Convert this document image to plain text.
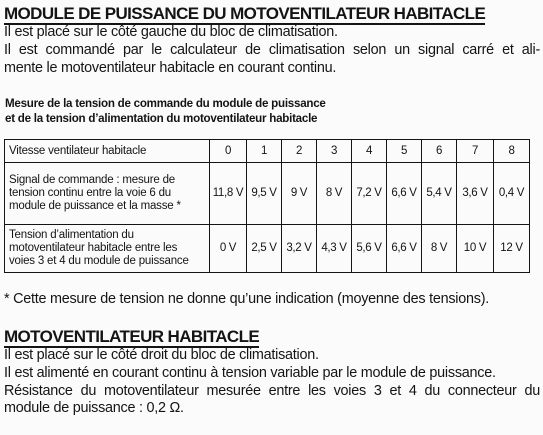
MODULE DE PUISSANCE DU MOTOVENTILATEUR HABITACLE
Il est placé sur le côté gauche du bloc de climatisation.
Il est commandé par le calculateur de climatisation selon un signal carré et ali-
mente le motoventilateur habitacle en courant continu.
Mesure de la tension de commande du module de puissance
et de la tension d’alimentation du motoventilateur habitacle
Vitesse ventilateur habitacle	0	1	2	3	4	5	6	7	8
Signal de commande : mesure de tension continu entre la voie 6 du module de puissance et la masse *	11,8 V	9,5 V	9 V	8 V	7,2 V	6,6 V	5,4 V	3,6 V	0,4 V
Tension d’alimentation du motoventilateur habitacle entre les voies 3 et 4 du module de puissance	0 V	2,5 V	3,2 V	4,3 V	5,6 V	6,6 V	8 V	10 V	12 V
* Cette mesure de tension ne donne qu’une indication (moyenne des tensions).
MOTOVENTILATEUR HABITACLE
Il est placé sur le côté droit du bloc de climatisation.
Il est alimenté en courant continu à tension variable par le module de puissance.
Résistance du motoventilateur mesurée entre les voies 3 et 4 du connecteur du
module de puissance : 0,2 Ω.
